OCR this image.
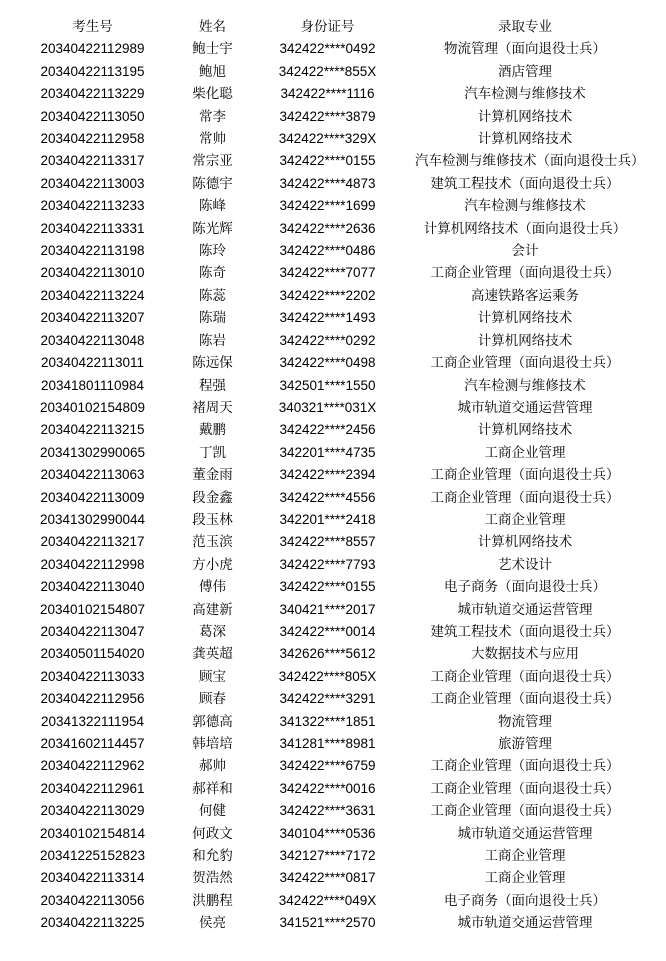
考生号	姓名	身份证号	录取专业
20340422112989	鲍士宇	342422****0492	物流管理（面向退役士兵）
20340422113195	鲍旭	342422****855X	酒店管理
20340422113229	柴化聪	342422****1116	汽车检测与维修技术
20340422113050	常李	342422****3879	计算机网络技术
20340422112958	常帅	342422****329X	计算机网络技术
20340422113317	常宗亚	342422****0155	汽车检测与维修技术（面向退役士兵）
20340422113003	陈德宇	342422****4873	建筑工程技术（面向退役士兵）
20340422113233	陈峰	342422****1699	汽车检测与维修技术
20340422113331	陈光辉	342422****2636	计算机网络技术（面向退役士兵）
20340422113198	陈玲	342422****0486	会计
20340422113010	陈奇	342422****7077	工商企业管理（面向退役士兵）
20340422113224	陈蕊	342422****2202	高速铁路客运乘务
20340422113207	陈瑞	342422****1493	计算机网络技术
20340422113048	陈岩	342422****0292	计算机网络技术
20340422113011	陈远保	342422****0498	工商企业管理（面向退役士兵）
20341801110984	程强	342501****1550	汽车检测与维修技术
20340102154809	褚周天	340321****031X	城市轨道交通运营管理
20340422113215	戴鹏	342422****2456	计算机网络技术
20341302990065	丁凯	342201****4735	工商企业管理
20340422113063	董金雨	342422****2394	工商企业管理（面向退役士兵）
20340422113009	段金鑫	342422****4556	工商企业管理（面向退役士兵）
20341302990044	段玉林	342201****2418	工商企业管理
20340422113217	范玉滨	342422****8557	计算机网络技术
20340422112998	方小虎	342422****7793	艺术设计
20340422113040	傅伟	342422****0155	电子商务（面向退役士兵）
20340102154807	高建新	340421****2017	城市轨道交通运营管理
20340422113047	葛深	342422****0014	建筑工程技术（面向退役士兵）
20340501154020	龚英超	342626****5612	大数据技术与应用
20340422113033	顾宝	342422****805X	工商企业管理（面向退役士兵）
20340422112956	顾春	342422****3291	工商企业管理（面向退役士兵）
20341322111954	郭德高	341322****1851	物流管理
20341602114457	韩培培	341281****8981	旅游管理
20340422112962	郝帅	342422****6759	工商企业管理（面向退役士兵）
20340422112961	郝祥和	342422****0016	工商企业管理（面向退役士兵）
20340422113029	何健	342422****3631	工商企业管理（面向退役士兵）
20340102154814	何政文	340104****0536	城市轨道交通运营管理
20341225152823	和允豹	342127****7172	工商企业管理
20340422113314	贺浩然	342422****0817	工商企业管理
20340422113056	洪鹏程	342422****049X	电子商务（面向退役士兵）
20340422113225	侯亮	341521****2570	城市轨道交通运营管理
